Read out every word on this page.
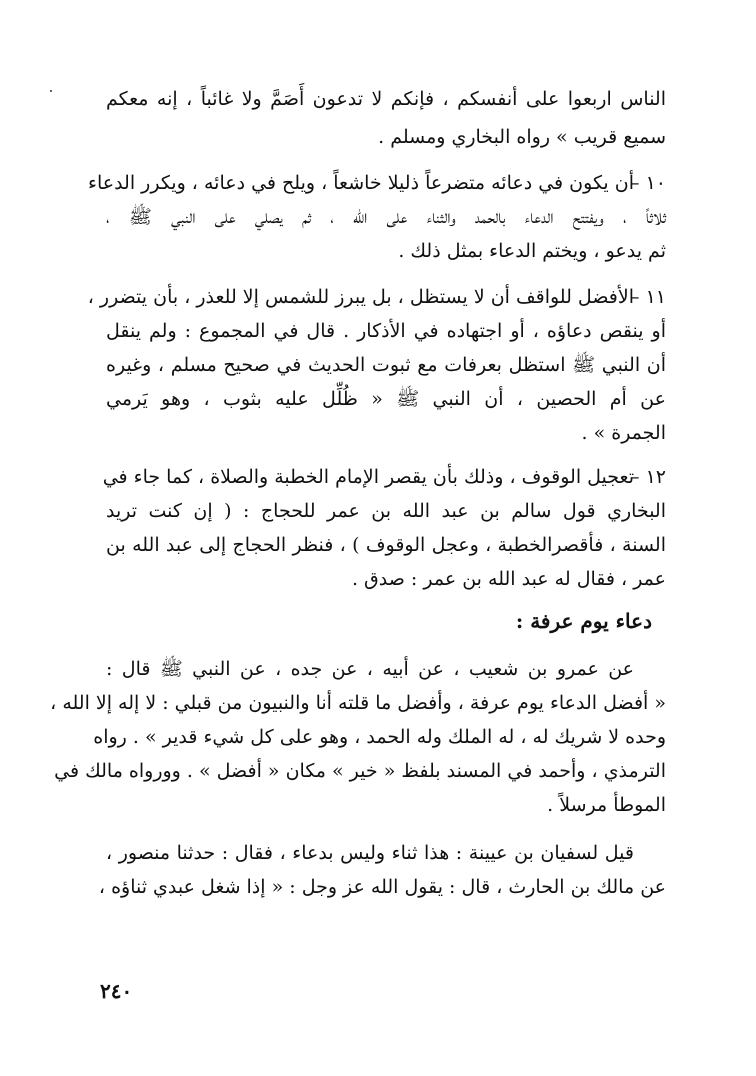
الناس اربعوا على أنفسكم ، فإنكم لا تدعون أَصَمَّ ولا غائباً ، إنه معكم
سميع قريب » رواه البخاري ومسلم .
١٠ –
أن يكون في دعائه متضرعاً ذليلا خاشعاً ، ويلح في دعائه ، ويكرر الدعاء
ثلاثاً ، ويفتتح الدعاء بالحمد والثناء على الله ، ثم يصلي على النبي ﷺ ،
ثم يدعو ، ويختم الدعاء بمثل ذلك .
١١ –
الأفضل للواقف أن لا يستظل ، بل يبرز للشمس إلا للعذر ، بأن يتضرر ،
أو ينقص دعاؤه ، أو اجتهاده في الأذكار . قال في المجموع : ولم ينقل
أن النبي ﷺ استظل بعرفات مع ثبوت الحديث في صحيح مسلم ، وغيره
عن أم الحصين ، أن النبي ﷺ « ظُلِّل عليه بثوب ، وهو يَرمي
الجمرة » .
١٢ –
تعجيل الوقوف ، وذلك بأن يقصر الإمام الخطبة والصلاة ، كما جاء في
البخاري قول سالم بن عبد الله بن عمر للحجاج : ( إن كنت تريد
السنة ، فأقصرالخطبة ، وعجل الوقوف ) ، فنظر الحجاج إلى عبد الله بن
عمر ، فقال له عبد الله بن عمر : صدق .
دعاء يوم عرفة :
عن عمرو بن شعيب ، عن أبيه ، عن جده ، عن النبي ﷺ قال :
« أفضل الدعاء يوم عرفة ، وأفضل ما قلته أنا والنبيون من قبلي : لا إله إلا الله ،
وحده لا شريك له ، له الملك وله الحمد ، وهو على كل شيء قدير » . رواه
الترمذي ، وأحمد في المسند بلفظ « خير » مكان « أفضل » . وورواه مالك في
الموطأ مرسلاً .
قيل لسفيان بن عيينة : هذا ثناء وليس بدعاء ، فقال : حدثنا منصور ،
عن مالك بن الحارث ، قال : يقول الله عز وجل : « إذا شغل عبدي ثناؤه ،
٢٤٠
